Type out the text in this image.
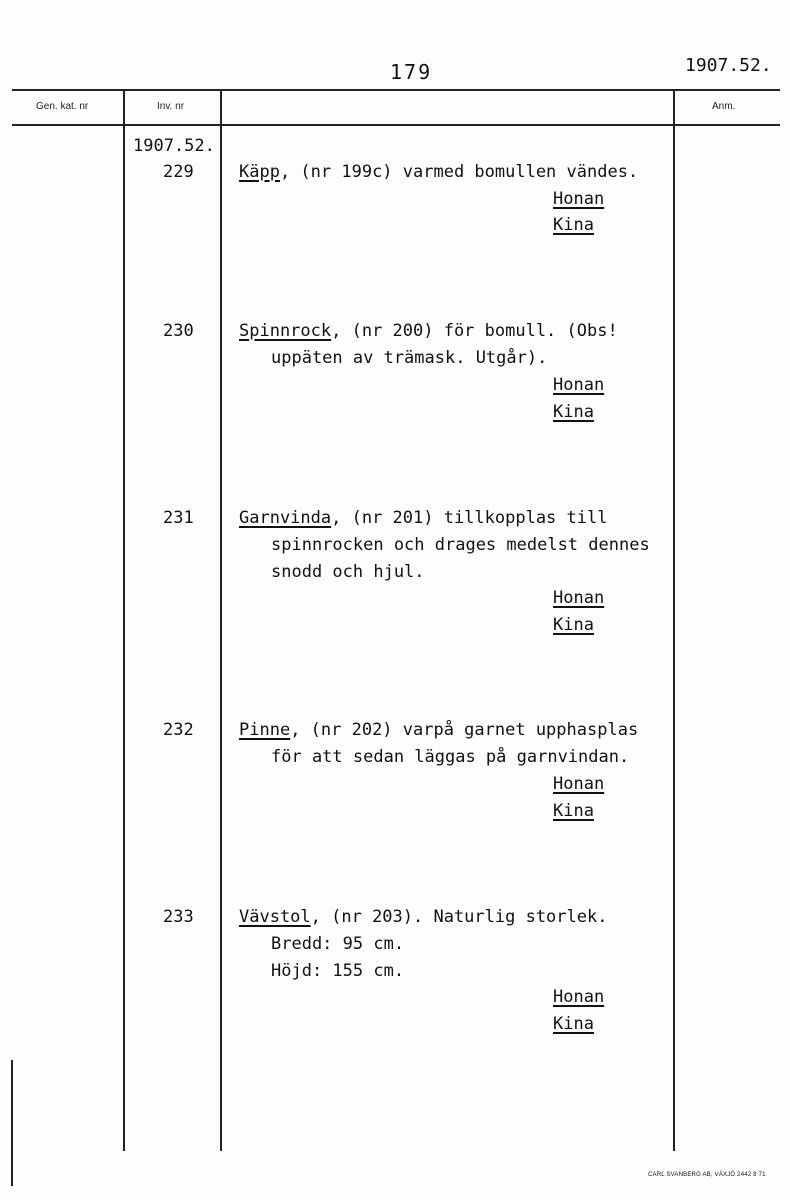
179	1907.52.
Gen. kat. nr	Inv. nr	Anm.
1907.52.
229	Käpp, (nr 199c) varmed bomullen vändes.
Honan
Kina
230	Spinnrock, (nr 200) för bomull. (Obs!
uppäten av trämask. Utgår).
Honan
Kina
231	Garnvinda, (nr 201) tillkopplas till
spinnrocken och drages medelst dennes
snodd och hjul.
Honan
Kina
232	Pinne, (nr 202) varpå garnet upphasplas
för att sedan läggas på garnvindan.
Honan
Kina
233	Vävstol, (nr 203). Naturlig storlek.
Bredd: 95 cm.
Höjd: 155 cm.
Honan
Kina
CARL SVANBERG AB, VÄXJÖ 2442 8 71
